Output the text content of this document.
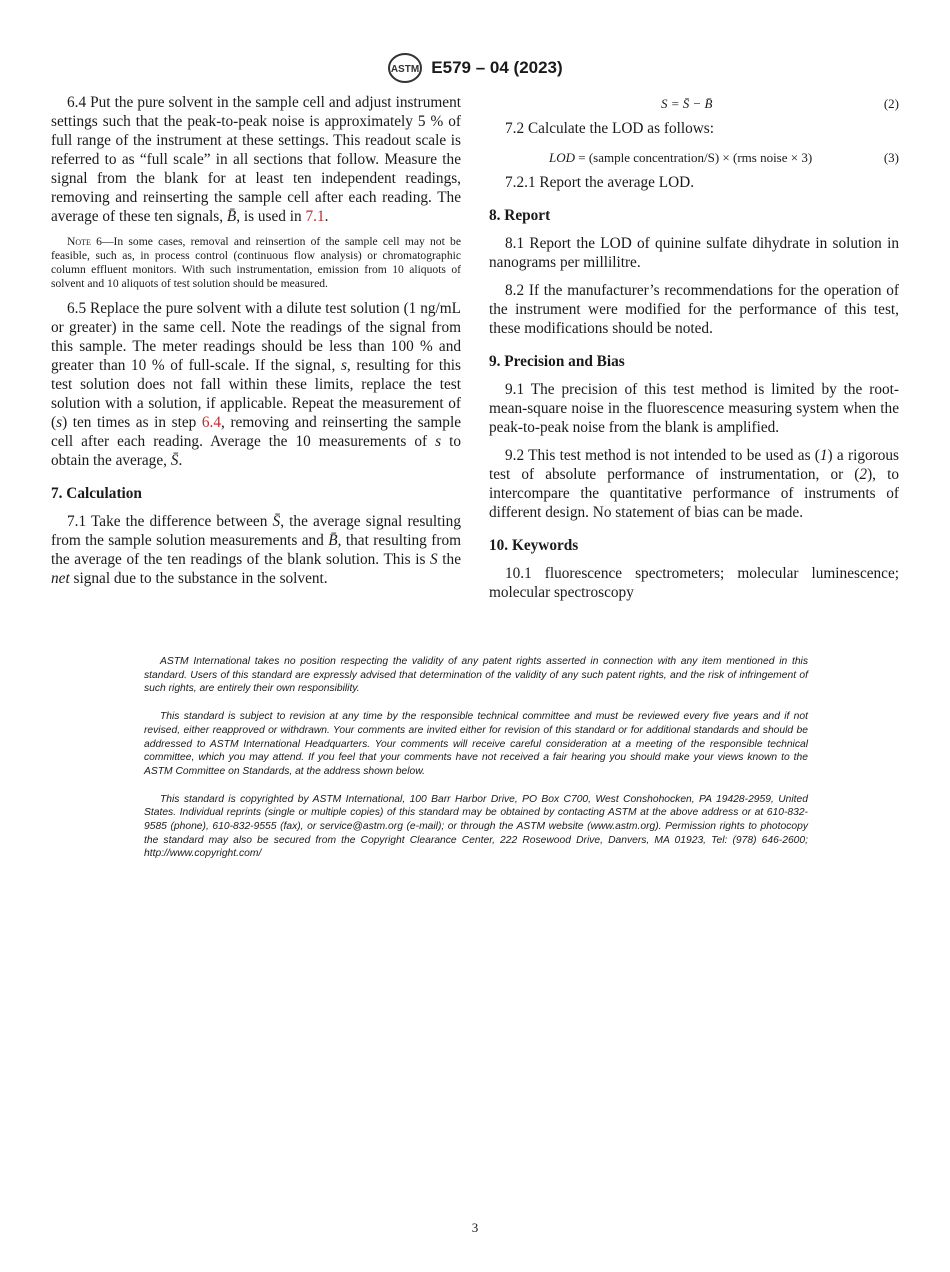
ASTM E579 – 04 (2023)

6.4 Put the pure solvent in the sample cell and adjust instrument settings such that the peak-to-peak noise is approximately 5 % of full range of the instrument at these settings. This readout scale is referred to as “full scale” in all sections that follow. Measure the signal from the blank for at least ten independent readings, removing and reinserting the sample cell after each reading. The average of these ten signals, B̄, is used in 7.1.

Note 6—In some cases, removal and reinsertion of the sample cell may not be feasible, such as, in process control (continuous flow analysis) or chromatographic column effluent monitors. With such instrumentation, emission from 10 aliquots of solvent and 10 aliquots of test solution should be measured.

6.5 Replace the pure solvent with a dilute test solution (1 ng/mL or greater) in the same cell. Note the readings of the signal from this sample. The meter readings should be less than 100 % and greater than 10 % of full-scale. If the signal, s, resulting for this test solution does not fall within these limits, replace the test solution with a solution, if applicable. Repeat the measurement of (s) ten times as in step 6.4, removing and reinserting the sample cell after each reading. Average the 10 measurements of s to obtain the average, S̄.

7. Calculation

7.1 Take the difference between S̄, the average signal resulting from the sample solution measurements and B̄, that resulting from the average of the ten readings of the blank solution. This is S the net signal due to the substance in the solvent.

S = S̄ − B̄	(2)

7.2 Calculate the LOD as follows:

LOD = (sample concentration/S) × (rms noise × 3)	(3)

7.2.1 Report the average LOD.

8. Report

8.1 Report the LOD of quinine sulfate dihydrate in solution in nanograms per millilitre.

8.2 If the manufacturer’s recommendations for the operation of the instrument were modified for the performance of this test, these modifications should be noted.

9. Precision and Bias

9.1 The precision of this test method is limited by the root-mean-square noise in the fluorescence measuring system when the peak-to-peak noise from the blank is amplified.

9.2 This test method is not intended to be used as (1) a rigorous test of absolute performance of instrumentation, or (2), to intercompare the quantitative performance of instruments of different design. No statement of bias can be made.

10. Keywords

10.1 fluorescence spectrometers; molecular luminescence; molecular spectroscopy

ASTM International takes no position respecting the validity of any patent rights asserted in connection with any item mentioned in this standard. Users of this standard are expressly advised that determination of the validity of any such patent rights, and the risk of infringement of such rights, are entirely their own responsibility.
This standard is subject to revision at any time by the responsible technical committee and must be reviewed every five years and if not revised, either reapproved or withdrawn. Your comments are invited either for revision of this standard or for additional standards and should be addressed to ASTM International Headquarters. Your comments will receive careful consideration at a meeting of the responsible technical committee, which you may attend. If you feel that your comments have not received a fair hearing you should make your views known to the ASTM Committee on Standards, at the address shown below.
This standard is copyrighted by ASTM International, 100 Barr Harbor Drive, PO Box C700, West Conshohocken, PA 19428-2959, United States. Individual reprints (single or multiple copies) of this standard may be obtained by contacting ASTM at the above address or at 610-832-9585 (phone), 610-832-9555 (fax), or service@astm.org (e-mail); or through the ASTM website (www.astm.org). Permission rights to photocopy the standard may also be secured from the Copyright Clearance Center, 222 Rosewood Drive, Danvers, MA 01923, Tel: (978) 646-2600; http://www.copyright.com/
3
